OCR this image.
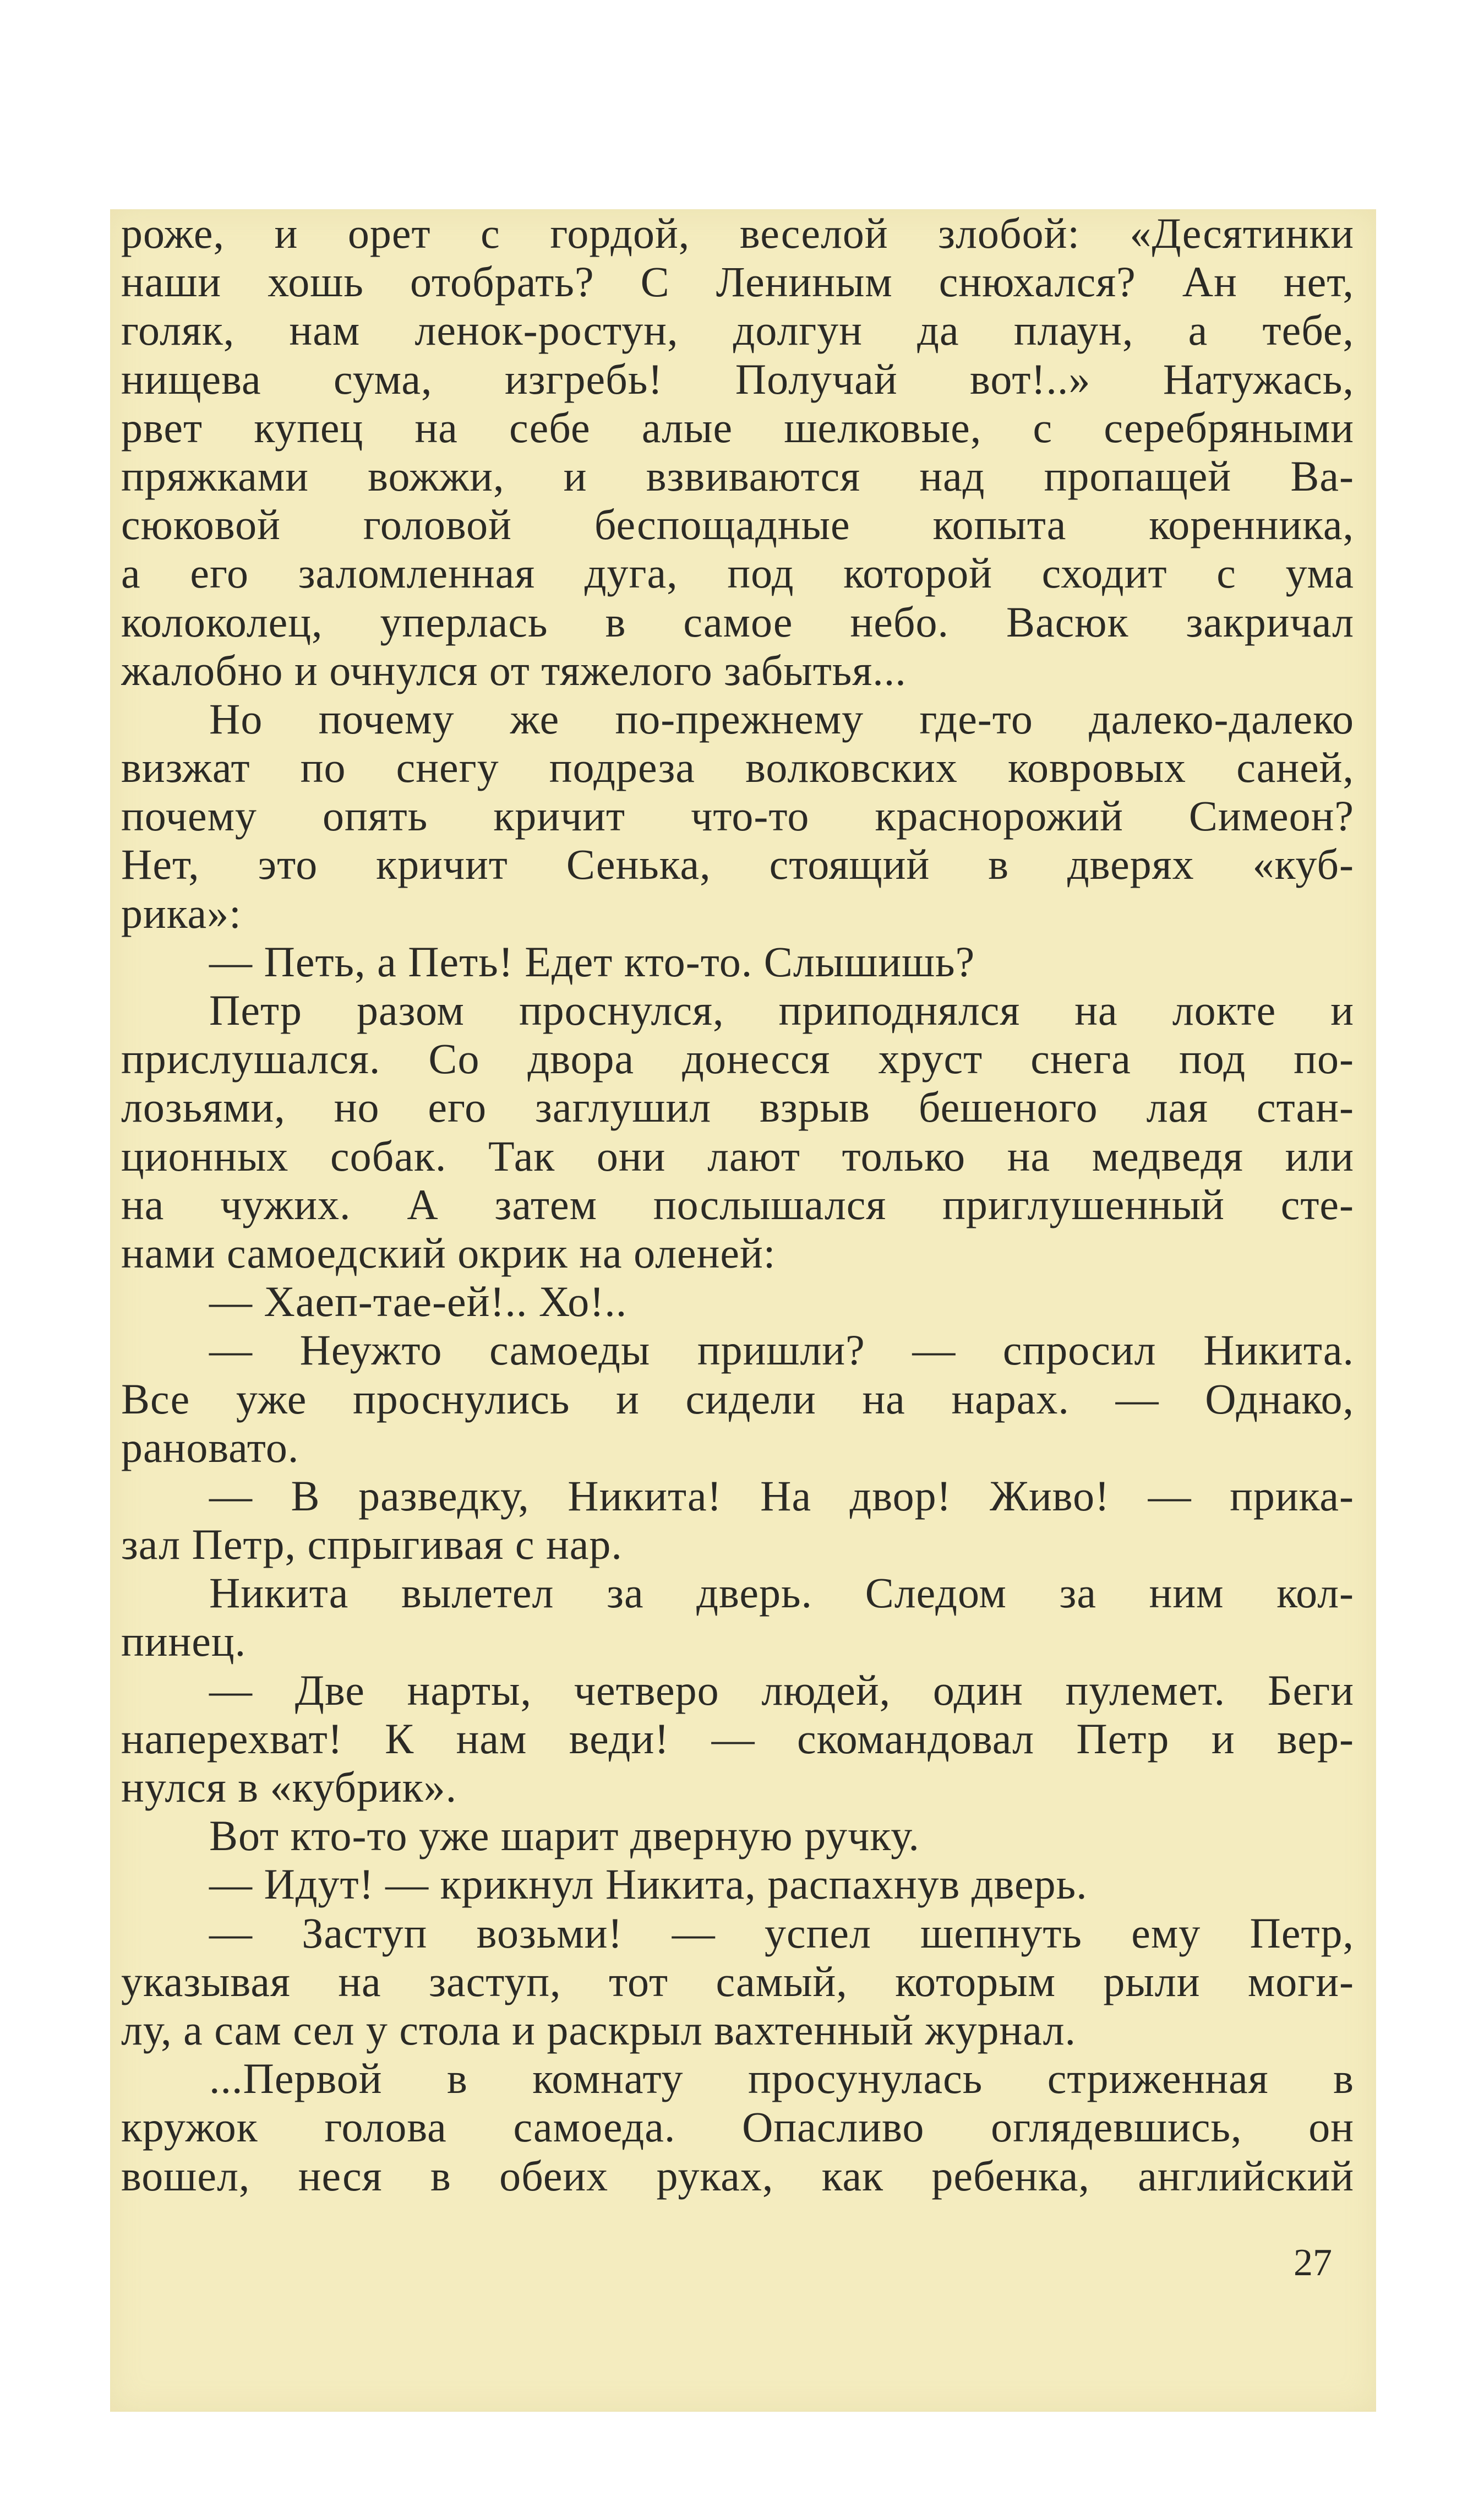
роже, и орет с гордой, веселой злобой: «Десятинки
наши хошь отобрать? С Лениным снюхался? Ан нет,
голяк, нам ленок-ростун, долгун да плаун, а тебе,
нищева сума, изгребь! Получай вот!..» Натужась,
рвет купец на себе алые шелковые, с серебряными
пряжками вожжи, и взвиваются над пропащей Ва-
сюковой головой беспощадные копыта коренника,
а его заломленная дуга, под которой сходит с ума
колоколец, уперлась в самое небо. Васюк закричал
жалобно и очнулся от тяжелого забытья...
Но почему же по-прежнему где-то далеко-далеко
визжат по снегу подреза волковских ковровых саней,
почему опять кричит что-то краснорожий Симеон?
Нет, это кричит Сенька, стоящий в дверях «куб-
рика»:
— Петь, а Петь! Едет кто-то. Слышишь?
Петр разом проснулся, приподнялся на локте и
прислушался. Со двора донесся хруст снега под по-
лозьями, но его заглушил взрыв бешеного лая стан-
ционных собак. Так они лают только на медведя или
на чужих. А затем послышался приглушенный сте-
нами самоедский окрик на оленей:
— Хаеп-тае-ей!.. Хо!..
— Неужто самоеды пришли? — спросил Никита.
Все уже проснулись и сидели на нарах. — Однако,
рановато.
— В разведку, Никита! На двор! Живо! — прика-
зал Петр, спрыгивая с нар.
Никита вылетел за дверь. Следом за ним кол-
пинец.
— Две нарты, четверо людей, один пулемет. Беги
наперехват! К нам веди! — скомандовал Петр и вер-
нулся в «кубрик».
Вот кто-то уже шарит дверную ручку.
— Идут! — крикнул Никита, распахнув дверь.
— Заступ возьми! — успел шепнуть ему Петр,
указывая на заступ, тот самый, которым рыли моги-
лу, а сам сел у стола и раскрыл вахтенный журнал.
...Первой в комнату просунулась стриженная в
кружок голова самоеда. Опасливо оглядевшись, он
вошел, неся в обеих руках, как ребенка, английский
27
